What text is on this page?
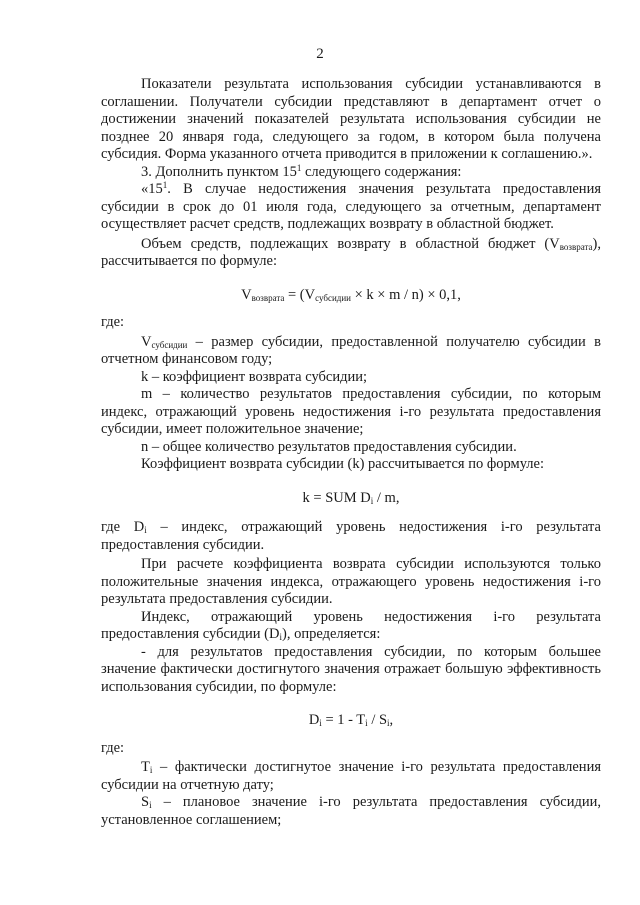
2

Показатели результата использования субсидии устанавливаются в соглашении. Получатели субсидии представляют в департамент отчет о достижении значений показателей результата использования субсидии не позднее 20 января года, следующего за годом, в котором была получена субсидия. Форма указанного отчета приводится в приложении к соглашению.».

3. Дополнить пунктом $15^1$ следующего содержания:

«$15^1$. В случае недостижения значения результата предоставления субсидии в срок до 01 июля года, следующего за отчетным, департамент осуществляет расчет средств, подлежащих возврату в областной бюджет.

Объем средств, подлежащих возврату в областной бюджет $(V_{возврата})$, рассчитывается по формуле:

$V_{возврата} = (V_{субсидии} \times k \times m / n) \times 0,1$,

где:

$V_{субсидии}$ – размер субсидии, предоставленной получателю субсидии в отчетном финансовом году;

k – коэффициент возврата субсидии;

m – количество результатов предоставления субсидии, по которым индекс, отражающий уровень недостижения i-го результата предоставления субсидии, имеет положительное значение;

n – общее количество результатов предоставления субсидии.

Коэффициент возврата субсидии (k) рассчитывается по формуле:

k = SUM $D_i$ / m,

где $D_i$ – индекс, отражающий уровень недостижения i-го результата предоставления субсидии.

При расчете коэффициента возврата субсидии используются только положительные значения индекса, отражающего уровень недостижения i-го результата предоставления субсидии.

Индекс, отражающий уровень недостижения i-го результата предоставления субсидии $(D_i)$, определяется:

- для результатов предоставления субсидии, по которым большее значение фактически достигнутого значения отражает большую эффективность использования субсидии, по формуле:

$D_i = 1 - T_i / S_i$,

где:

$T_i$ – фактически достигнутое значение i-го результата предоставления субсидии на отчетную дату;

$S_i$ – плановое значение i-го результата предоставления субсидии, установленное соглашением;
